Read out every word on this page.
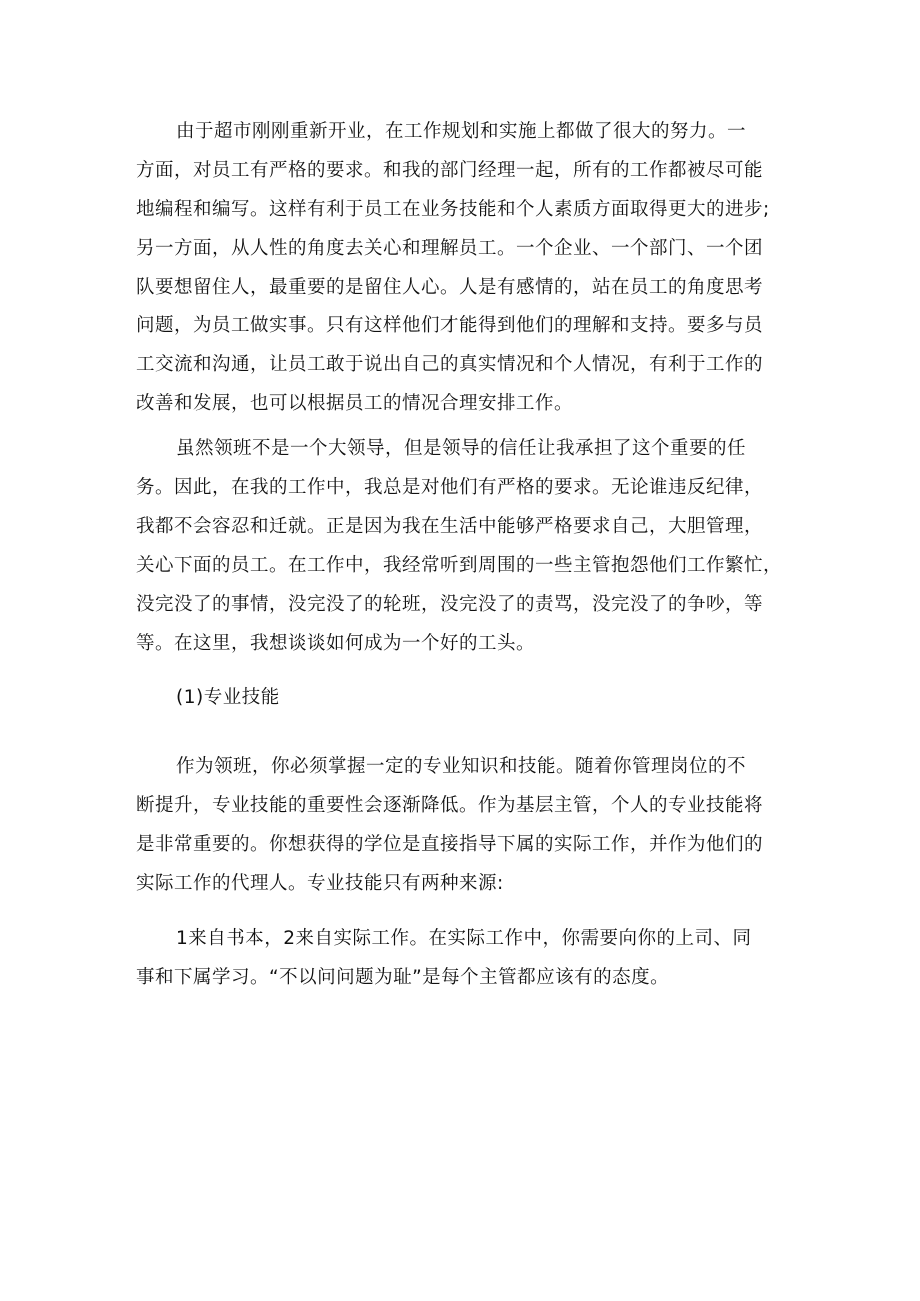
由于超市刚刚重新开业，在工作规划和实施上都做了很大的努力。一
方面，对员工有严格的要求。和我的部门经理一起，所有的工作都被尽可能
地编程和编写。这样有利于员工在业务技能和个人素质方面取得更大的进步;
另一方面，从人性的角度去关心和理解员工。一个企业、一个部门、一个团
队要想留住人，最重要的是留住人心。人是有感情的，站在员工的角度思考
问题，为员工做实事。只有这样他们才能得到他们的理解和支持。要多与员
工交流和沟通，让员工敢于说出自己的真实情况和个人情况，有利于工作的
改善和发展，也可以根据员工的情况合理安排工作。
虽然领班不是一个大领导，但是领导的信任让我承担了这个重要的任
务。因此，在我的工作中，我总是对他们有严格的要求。无论谁违反纪律，
我都不会容忍和迁就。正是因为我在生活中能够严格要求自己，大胆管理，
关心下面的员工。在工作中，我经常听到周围的一些主管抱怨他们工作繁忙，
没完没了的事情，没完没了的轮班，没完没了的责骂，没完没了的争吵，等
等。在这里，我想谈谈如何成为一个好的工头。
(1)专业技能
作为领班，你必须掌握一定的专业知识和技能。随着你管理岗位的不
断提升，专业技能的重要性会逐渐降低。作为基层主管，个人的专业技能将
是非常重要的。你想获得的学位是直接指导下属的实际工作，并作为他们的
实际工作的代理人。专业技能只有两种来源:
1来自书本，2来自实际工作。在实际工作中，你需要向你的上司、同
事和下属学习。“不以问问题为耻”是每个主管都应该有的态度。
